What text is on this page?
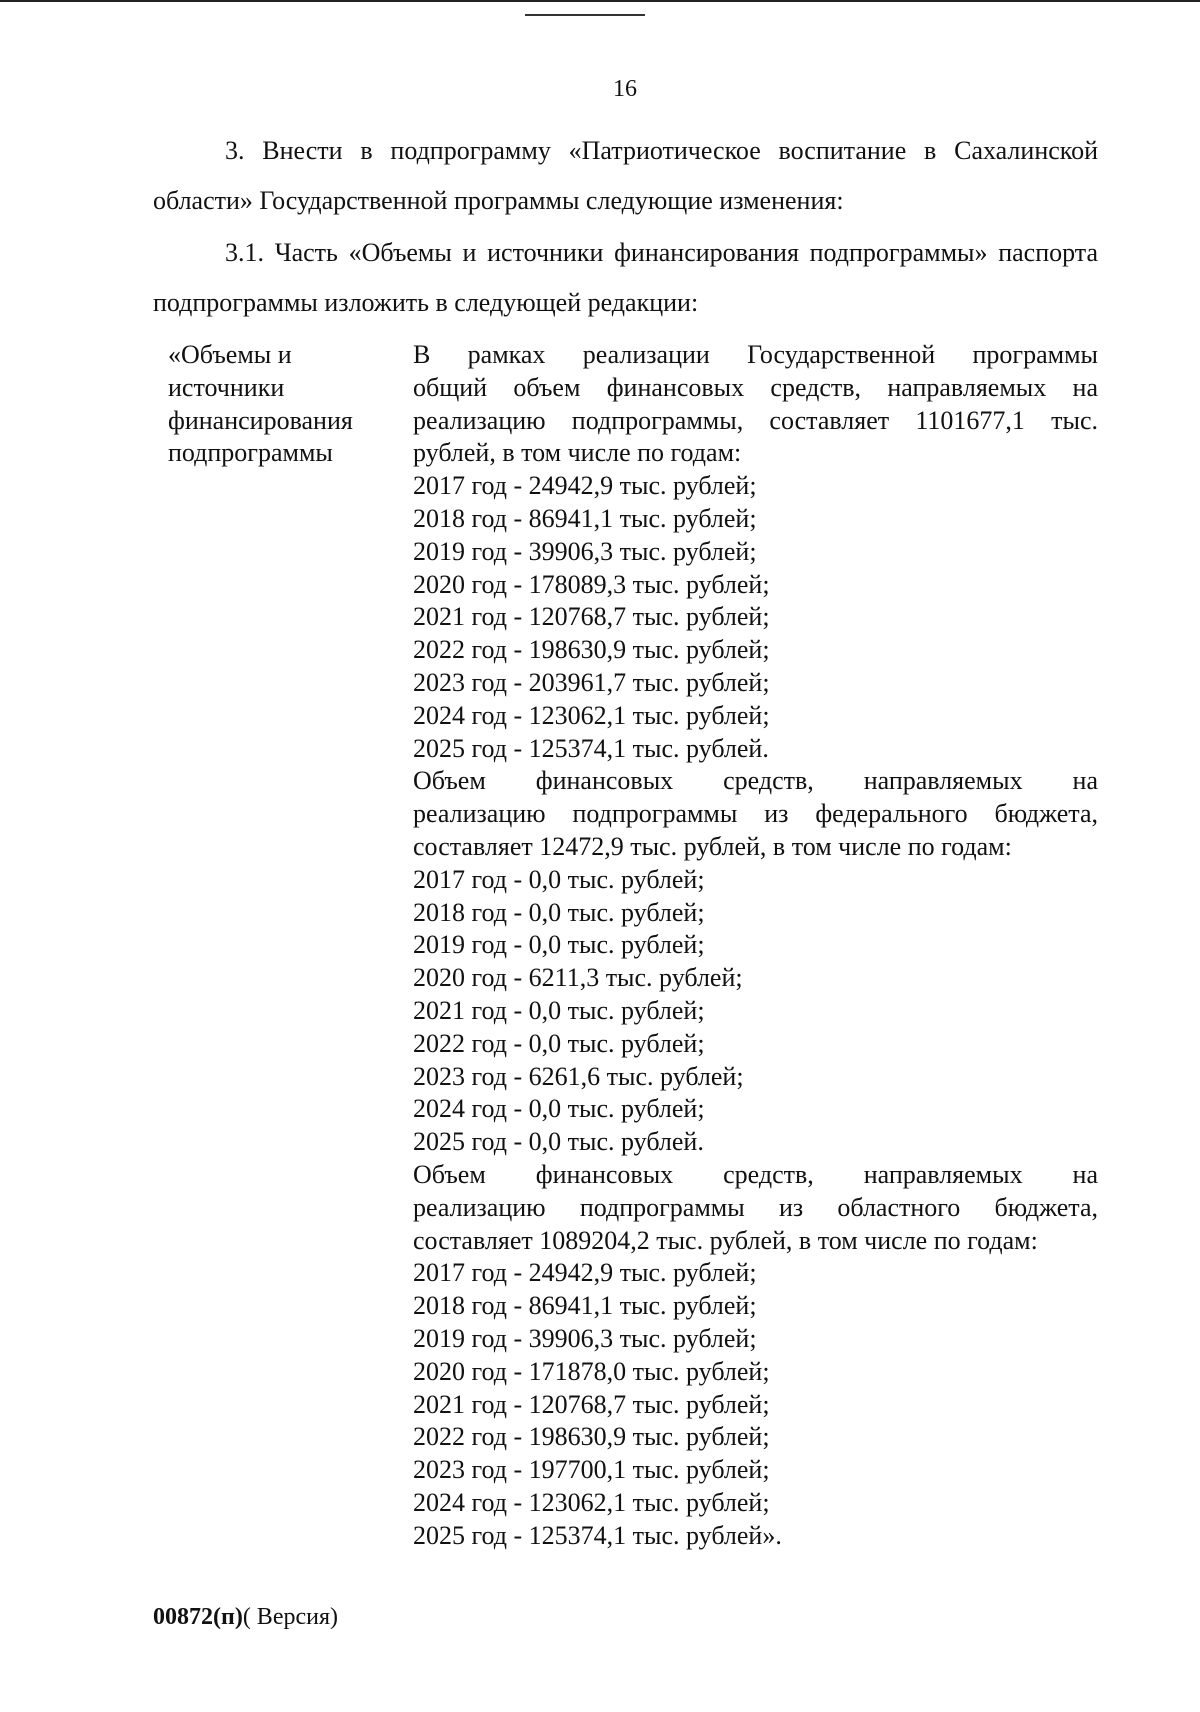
16
3. Внести в подпрограмму «Патриотическое воспитание в Сахалинской области» Государственной программы следующие изменения:
3.1. Часть «Объемы и источники финансирования подпрограммы» паспорта подпрограммы изложить в следующей редакции:
«Объемы и
источники
финансирования
подпрограммы
В рамках реализации Государственной программы
общий объем финансовых средств, направляемых на
реализацию подпрограммы, составляет 1101677,1 тыс.
рублей, в том числе по годам:
2017 год - 24942,9 тыс. рублей;
2018 год - 86941,1 тыс. рублей;
2019 год - 39906,3 тыс. рублей;
2020 год - 178089,3 тыс. рублей;
2021 год - 120768,7 тыс. рублей;
2022 год - 198630,9 тыс. рублей;
2023 год - 203961,7 тыс. рублей;
2024 год - 123062,1 тыс. рублей;
2025 год - 125374,1 тыс. рублей.
Объем финансовых средств, направляемых на
реализацию подпрограммы из федерального бюджета,
составляет 12472,9 тыс. рублей, в том числе по годам:
2017 год - 0,0 тыс. рублей;
2018 год - 0,0 тыс. рублей;
2019 год - 0,0 тыс. рублей;
2020 год - 6211,3 тыс. рублей;
2021 год - 0,0 тыс. рублей;
2022 год - 0,0 тыс. рублей;
2023 год - 6261,6 тыс. рублей;
2024 год - 0,0 тыс. рублей;
2025 год - 0,0 тыс. рублей.
Объем финансовых средств, направляемых на
реализацию подпрограммы из областного бюджета,
составляет 1089204,2 тыс. рублей, в том числе по годам:
2017 год - 24942,9 тыс. рублей;
2018 год - 86941,1 тыс. рублей;
2019 год - 39906,3 тыс. рублей;
2020 год - 171878,0 тыс. рублей;
2021 год - 120768,7 тыс. рублей;
2022 год - 198630,9 тыс. рублей;
2023 год - 197700,1 тыс. рублей;
2024 год - 123062,1 тыс. рублей;
2025 год - 125374,1 тыс. рублей».
00872(п)( Версия)
